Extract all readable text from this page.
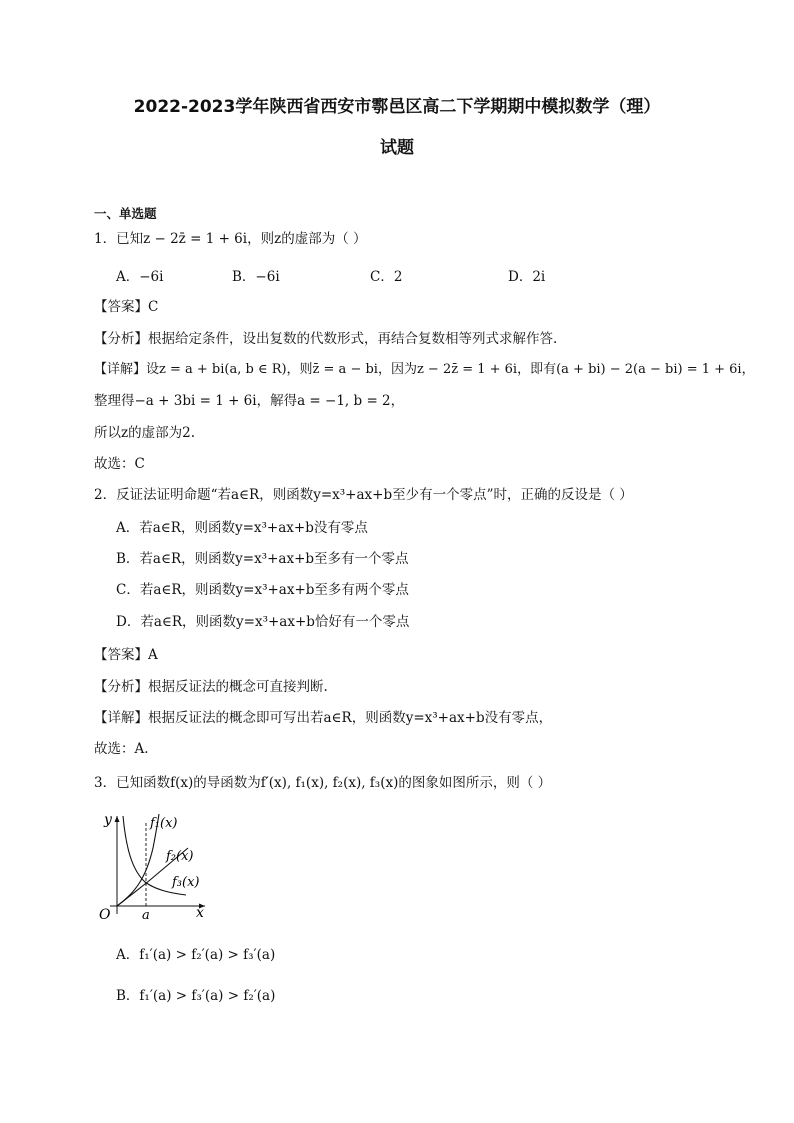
2022-2023学年陕西省西安市鄠邑区高二下学期期中模拟数学（理）
试题
一、单选题
1．已知z − 2z̄ = 1 + 6i，则z的虚部为（ ）
A．−6i	B．−6i	C．2	D．2i
【答案】C
【分析】根据给定条件，设出复数的代数形式，再结合复数相等列式求解作答.
【详解】设z = a + bi(a, b ∈ R)，则z̄ = a − bi，因为z − 2z̄ = 1 + 6i，即有(a + bi) − 2(a − bi) = 1 + 6i，
整理得−a + 3bi = 1 + 6i，解得a = −1, b = 2，
所以z的虚部为2.
故选：C
2．反证法证明命题“若a∈R，则函数y=x³+ax+b至少有一个零点”时，正确的反设是（ ）
A．若a∈R，则函数y=x³+ax+b没有零点
B．若a∈R，则函数y=x³+ax+b至多有一个零点
C．若a∈R，则函数y=x³+ax+b至多有两个零点
D．若a∈R，则函数y=x³+ax+b恰好有一个零点
【答案】A
【分析】根据反证法的概念可直接判断.
【详解】根据反证法的概念即可写出若a∈R，则函数y=x³+ax+b没有零点，
故选：A.
3．已知函数f(x)的导函数为f′(x), f₁(x), f₂(x), f₃(x)的图象如图所示，则（ ）
y
x
O a
f₁(x)
f₂(x)
f₃(x)
A．f₁′(a) > f₂′(a) > f₃′(a)
B．f₁′(a) > f₃′(a) > f₂′(a)
